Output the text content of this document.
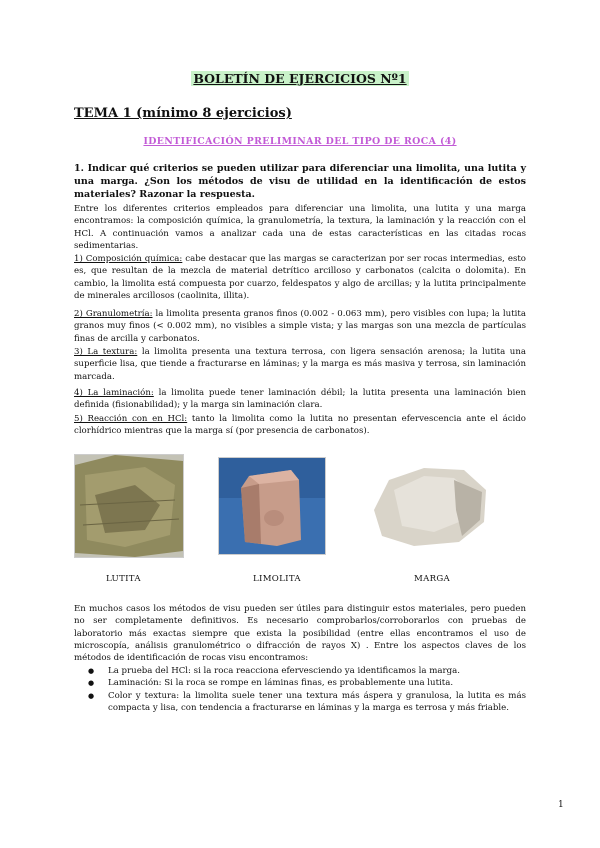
BOLETÍN DE EJERCICIOS Nº1
TEMA 1 (mínimo 8 ejercicios)
IDENTIFICACIÓN PRELIMINAR DEL TIPO DE ROCA (4)
1. Indicar qué criterios se pueden utilizar para diferenciar una limolita, una lutita y una marga. ¿Son los métodos de visu de utilidad en la identificación de estos materiales? Razonar la respuesta.
Entre los diferentes criterios empleados para diferenciar una limolita, una lutita y una marga encontramos: la composición química, la granulometría, la textura, la laminación y la reacción con el HCl. A continuación vamos a analizar cada una de estas características en las citadas rocas sedimentarias.
1) Composición química: cabe destacar que las margas se caracterizan por ser rocas intermedias, esto es, que resultan de la mezcla de material detrítico arcilloso y carbonatos (calcita o dolomita). En cambio, la limolita está compuesta por cuarzo, feldespatos y algo de arcillas; y la lutita principalmente de minerales arcillosos (caolinita, illita).
2) Granulometría: la limolita presenta granos finos (0.002 - 0.063 mm), pero visibles con lupa; la lutita granos muy finos (< 0.002 mm), no visibles a simple vista; y las margas son una mezcla de partículas finas de arcilla y carbonatos.
3) La textura: la limolita presenta una textura terrosa, con ligera sensación arenosa; la lutita una superficie lisa, que tiende a fracturarse en láminas; y la marga es más masiva y terrosa, sin laminación marcada.
4) La laminación: la limolita puede tener laminación débil; la lutita presenta una laminación bien definida (fisionabilidad); y la marga sin laminación clara.
5) Reacción con en HCl: tanto la limolita como la lutita no presentan efervescencia ante el ácido clorhídrico mientras que la marga sí (por presencia de carbonatos).
LUTITA	LIMOLITA	MARGA
En muchos casos los métodos de visu pueden ser útiles para distinguir estos materiales, pero pueden no ser completamente definitivos. Es necesario comprobarlos/corroborarlos con pruebas de laboratorio más exactas siempre que exista la posibilidad (entre ellas encontramos el uso de microscopía, análisis granulométrico o difracción de rayos X) . Entre los aspectos claves de los métodos de identificación de rocas visu encontramos:
● La prueba del HCl: si la roca reacciona efervesciendo ya identificamos la marga.
● Laminación: Si la roca se rompe en láminas finas, es probablemente una lutita.
● Color y textura: la limolita suele tener una textura más áspera y granulosa, la lutita es más compacta y lisa, con tendencia a fracturarse en láminas y la marga es terrosa y más friable.
1
